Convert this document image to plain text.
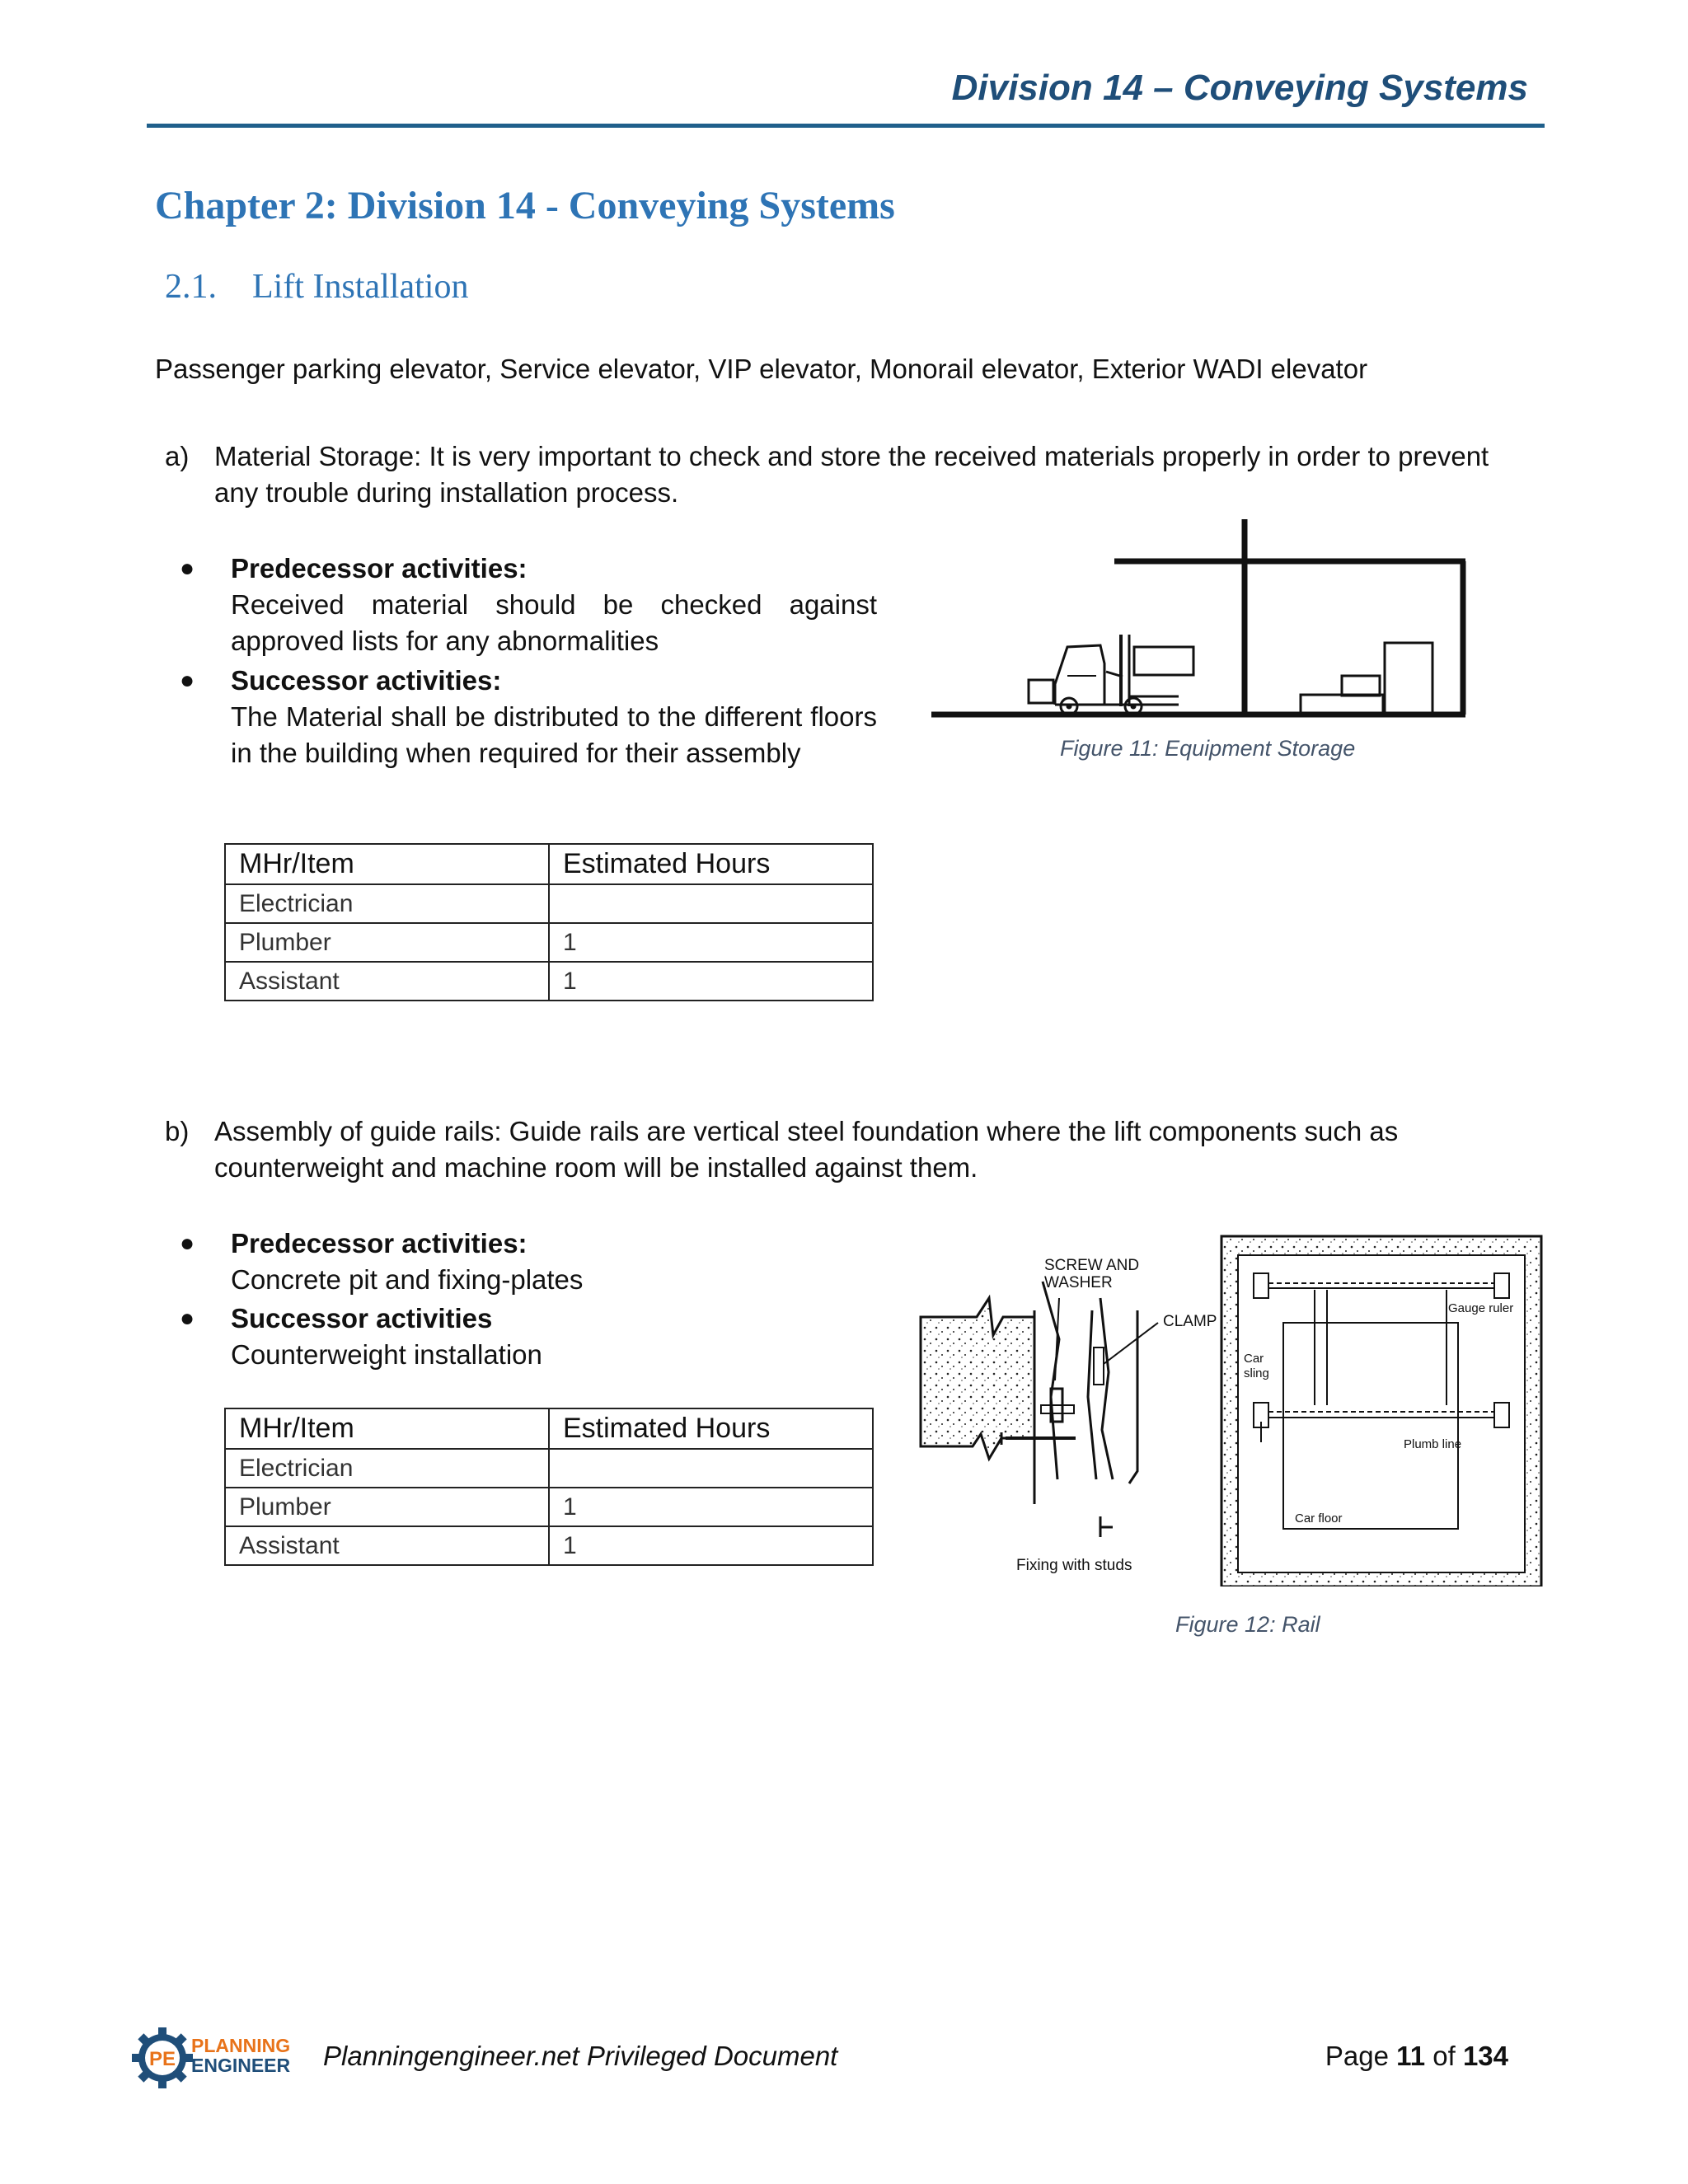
Division 14 – Conveying Systems
Chapter 2: Division 14 - Conveying Systems
2.1. Lift Installation
Passenger parking elevator, Service elevator, VIP elevator, Monorail elevator, Exterior WADI elevator
a) Material Storage: It is very important to check and store the received materials properly in order to prevent
any trouble during installation process.
● Predecessor activities:
Received material should be checked against approved lists for any abnormalities
● Successor activities:
The Material shall be distributed to the different floors in the building when required for their assembly
MHr/Item	Estimated Hours
Electrician	
Plumber	1
Assistant	1
Figure 11: Equipment Storage
b) Assembly of guide rails: Guide rails are vertical steel foundation where the lift components such as
counterweight and machine room will be installed against them.
● Predecessor activities:
Concrete pit and fixing-plates
● Successor activities
Counterweight installation
MHr/Item	Estimated Hours
Electrician	
Plumber	1
Assistant	1
SCREW AND
WASHER
CLAMP
Fixing with studs
Gauge ruler
Car
sling
Plumb line
Car floor
Figure 12: Rail
PE
PLANNING
ENGINEER Planningengineer.net Privileged Document	Page 11 of 134
